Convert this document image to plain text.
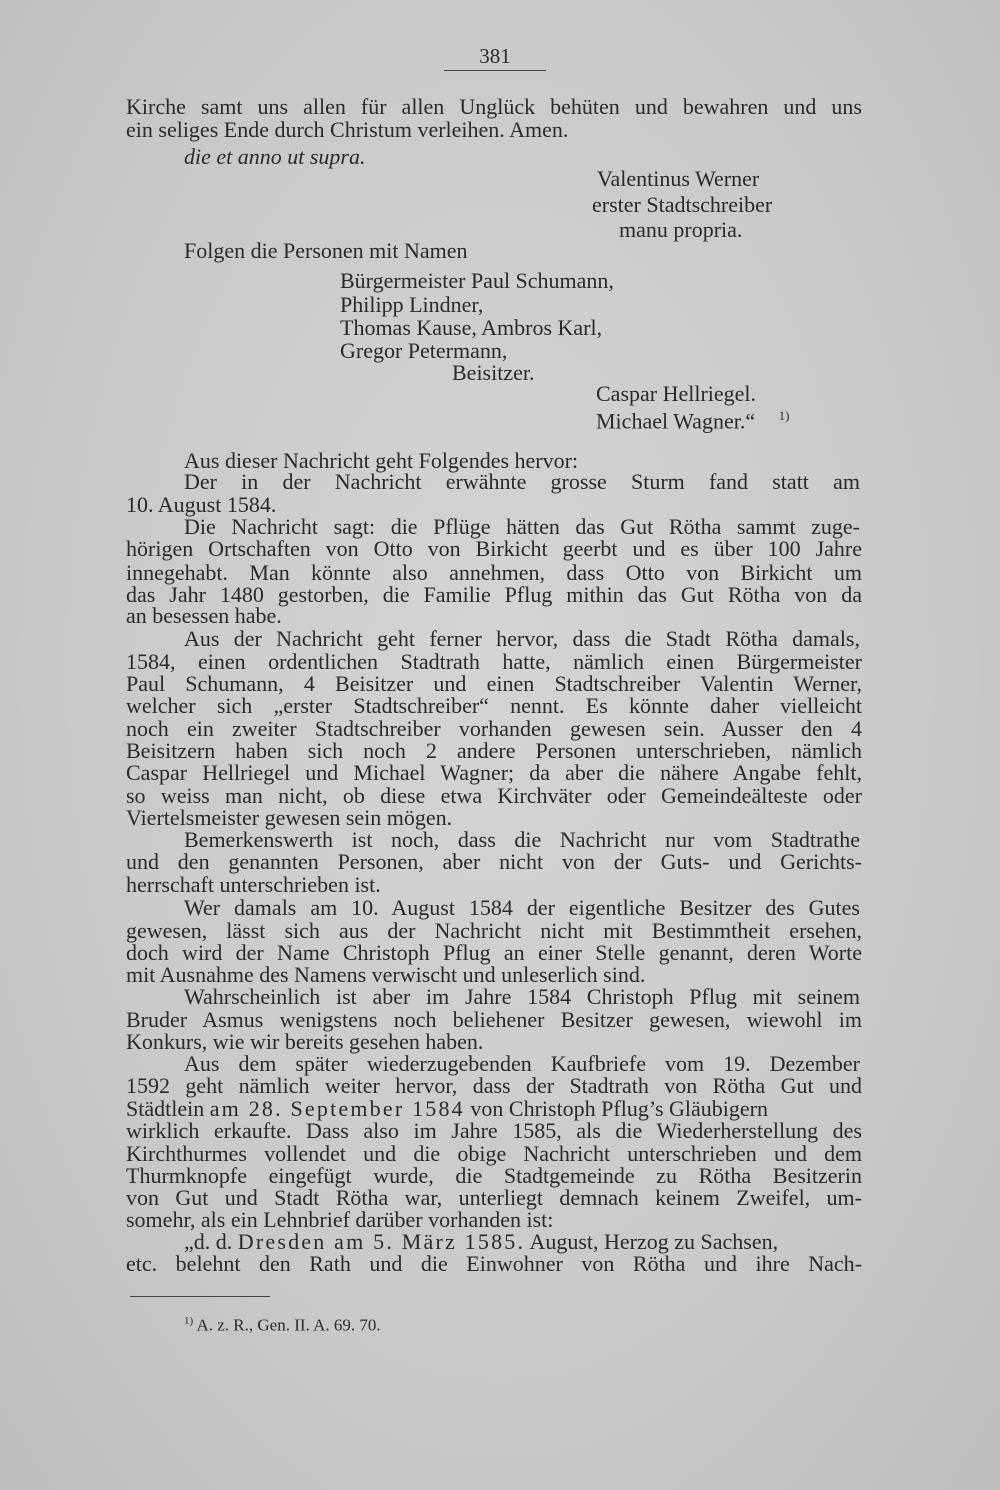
381
Kirche samt uns allen für allen Unglück behüten und bewahren und uns
ein seliges Ende durch Christum verleihen. Amen.
die et anno ut supra.
Valentinus Werner
erster Stadtschreiber
manu propria.
Folgen die Personen mit Namen
Bürgermeister Paul Schumann,
Philipp Lindner,
Thomas Kause, Ambros Karl,
Gregor Petermann,
Beisitzer.
Caspar Hellriegel.
Michael Wagner.“ $^{1)}$
Aus dieser Nachricht geht Folgendes hervor:
Der in der Nachricht erwähnte grosse Sturm fand statt am
10. August 1584.
Die Nachricht sagt: die Pflüge hätten das Gut Rötha sammt zuge-
hörigen Ortschaften von Otto von Birkicht geerbt und es über 100 Jahre
innegehabt. Man könnte also annehmen, dass Otto von Birkicht um
das Jahr 1480 gestorben, die Familie Pflug mithin das Gut Rötha von da
an besessen habe.
Aus der Nachricht geht ferner hervor, dass die Stadt Rötha damals,
1584, einen ordentlichen Stadtrath hatte, nämlich einen Bürgermeister
Paul Schumann, 4 Beisitzer und einen Stadtschreiber Valentin Werner,
welcher sich „erster Stadtschreiber“ nennt. Es könnte daher vielleicht
noch ein zweiter Stadtschreiber vorhanden gewesen sein. Ausser den 4
Beisitzern haben sich noch 2 andere Personen unterschrieben, nämlich
Caspar Hellriegel und Michael Wagner; da aber die nähere Angabe fehlt,
so weiss man nicht, ob diese etwa Kirchväter oder Gemeindeälteste oder
Viertelsmeister gewesen sein mögen.
Bemerkenswerth ist noch, dass die Nachricht nur vom Stadtrathe
und den genannten Personen, aber nicht von der Guts- und Gerichts-
herrschaft unterschrieben ist.
Wer damals am 10. August 1584 der eigentliche Besitzer des Gutes
gewesen, lässt sich aus der Nachricht nicht mit Bestimmtheit ersehen,
doch wird der Name Christoph Pflug an einer Stelle genannt, deren Worte
mit Ausnahme des Namens verwischt und unleserlich sind.
Wahrscheinlich ist aber im Jahre 1584 Christoph Pflug mit seinem
Bruder Asmus wenigstens noch beliehener Besitzer gewesen, wiewohl im
Konkurs, wie wir bereits gesehen haben.
Aus dem später wiederzugebenden Kaufbriefe vom 19. Dezember
1592 geht nämlich weiter hervor, dass der Stadtrath von Rötha Gut und
Städtlein am 28. September 1584 von Christoph Pflug’s Gläubigern
wirklich erkaufte. Dass also im Jahre 1585, als die Wiederherstellung des
Kirchthurmes vollendet und die obige Nachricht unterschrieben und dem
Thurmknopfe eingefügt wurde, die Stadtgemeinde zu Rötha Besitzerin
von Gut und Stadt Rötha war, unterliegt demnach keinem Zweifel, um-
somehr, als ein Lehnbrief darüber vorhanden ist:
„d. d. Dresden am 5. März 1585. August, Herzog zu Sachsen,
etc. belehnt den Rath und die Einwohner von Rötha und ihre Nach-
$^{1)}$ A. z. R., Gen. II. A. 69. 70.
